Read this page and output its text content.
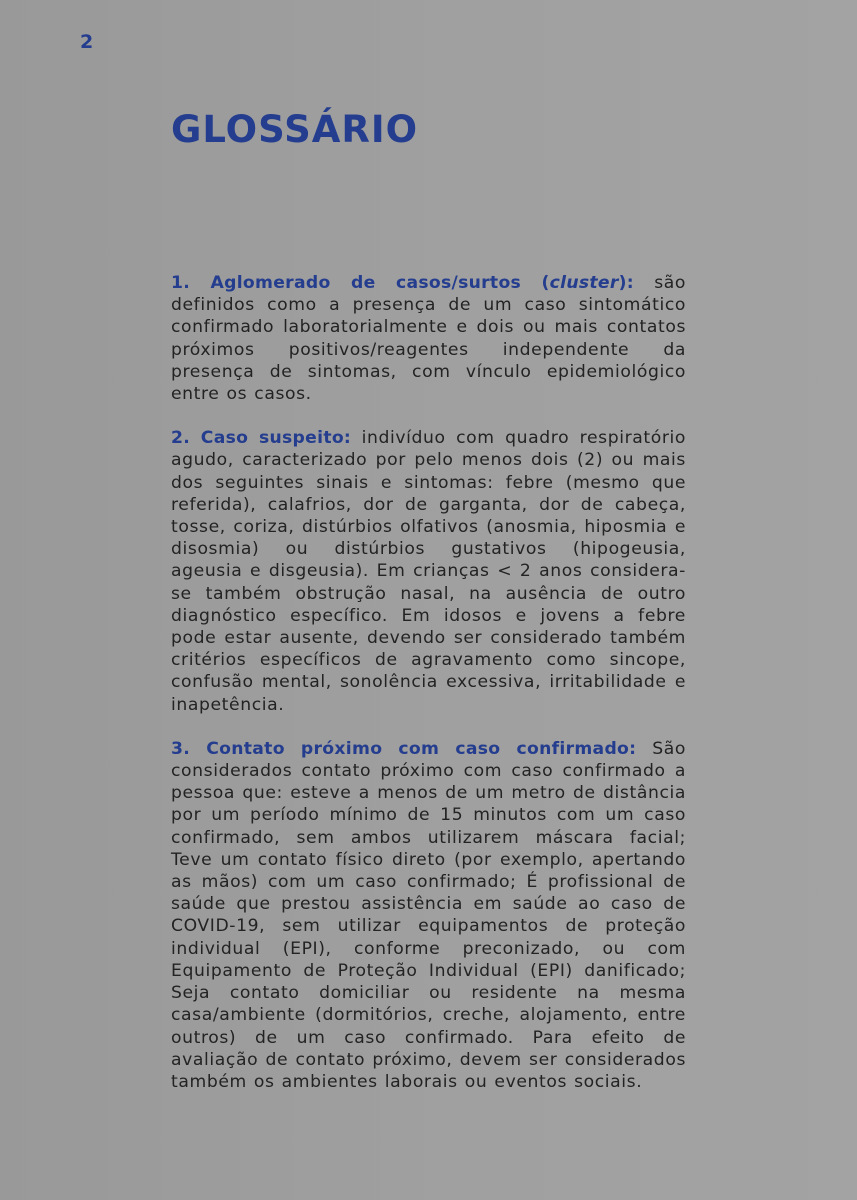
2
GLOSSÁRIO

1. Aglomerado de casos/surtos (cluster): são definidos como a presença de um caso sintomático confirmado laboratorialmente e dois ou mais contatos próximos positivos/reagentes independente da presença de sintomas, com vínculo epidemiológico entre os casos.

2. Caso suspeito: indivíduo com quadro respiratório agudo, caracterizado por pelo menos dois (2) ou mais dos seguintes sinais e sintomas: febre (mesmo que referida), calafrios, dor de garganta, dor de cabeça, tosse, coriza, distúrbios olfativos (anosmia, hiposmia e disosmia) ou distúrbios gustativos (hipogeusia, ageusia e disgeusia). Em crianças < 2 anos considera-se também obstrução nasal, na ausência de outro diagnóstico específico. Em idosos e jovens a febre pode estar ausente, devendo ser considerado também critérios específicos de agravamento como sincope, confusão mental, sonolência excessiva, irritabilidade e inapetência.

3. Contato próximo com caso confirmado: São considerados contato próximo com caso confirmado a pessoa que: esteve a menos de um metro de distância por um período mínimo de 15 minutos com um caso confirmado, sem ambos utilizarem máscara facial; Teve um contato físico direto (por exemplo, apertando as mãos) com um caso confirmado; É profissional de saúde que prestou assistência em saúde ao caso de COVID-19, sem utilizar equipamentos de proteção individual (EPI), conforme preconizado, ou com Equipamento de Proteção Individual (EPI) danificado; Seja contato domiciliar ou residente na mesma casa/ambiente (dormitórios, creche, alojamento, entre outros) de um caso confirmado. Para efeito de avaliação de contato próximo, devem ser considerados também os ambientes laborais ou eventos sociais.
